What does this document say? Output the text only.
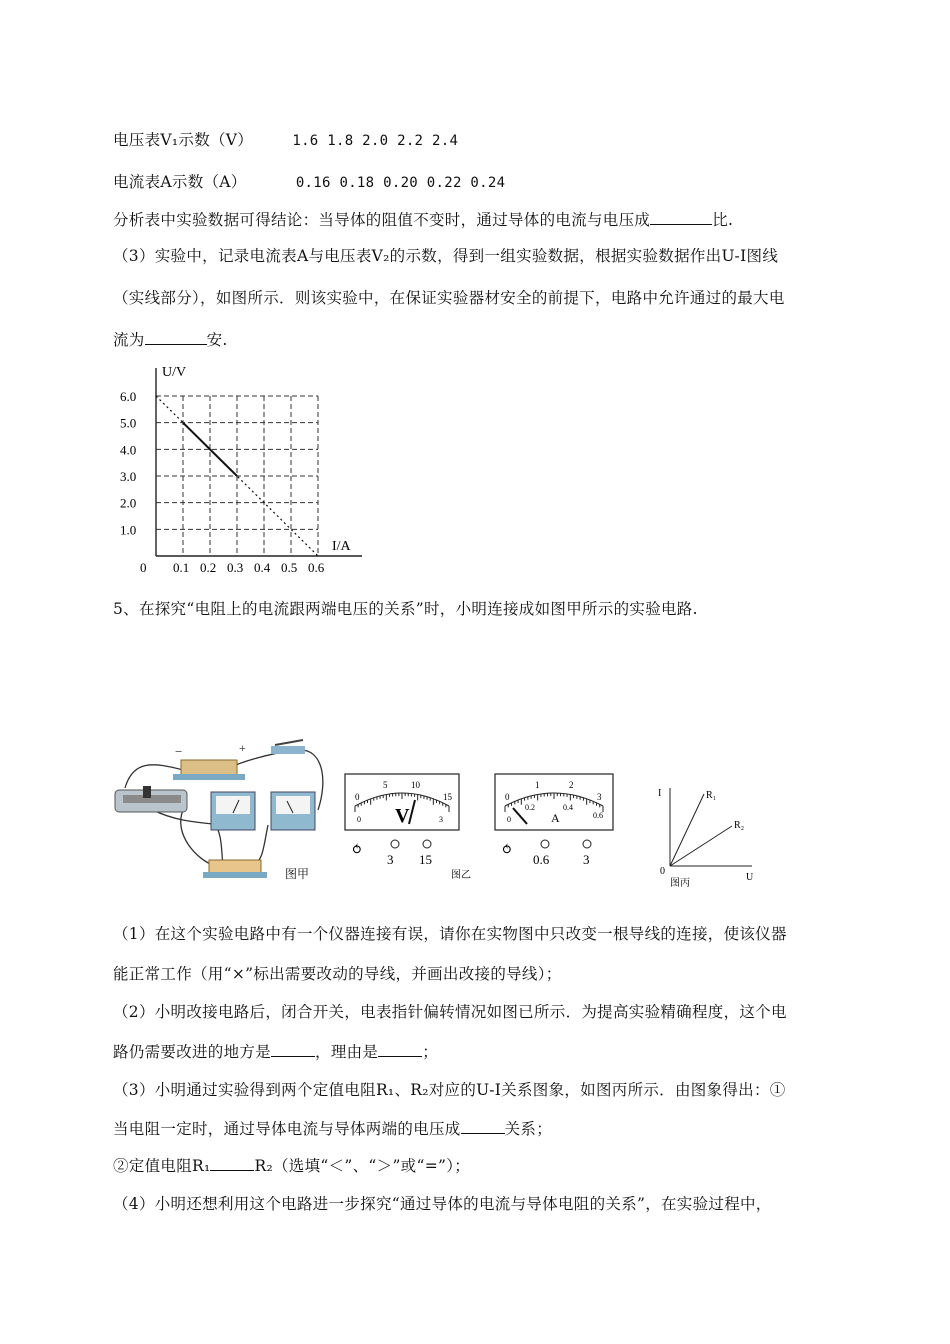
电压表V₁示数（V）	1.6 1.8 2.0 2.2 2.4
电流表A示数（A）	0.16 0.18 0.20 0.22 0.24
分析表中实验数据可得结论：当导体的阻值不变时，通过导体的电流与电压成	比.
（3）实验中，记录电流表A与电压表V₂的示数，得到一组实验数据，根据实验数据作出U-I图线
（实线部分），如图所示．则该实验中，在保证实验器材安全的前提下，电路中允许通过的最大电
流为	安.
U/V
I/A
0
6.0
5.0
4.0
3.0
2.0
1.0
0.1 0.2 0.3 0.4 0.5 0.6
5、在探究“电阻上的电流跟两端电压的关系”时，小明连接成如图甲所示的实验电路.
−	+
图甲
0
5	10
15
0	3
V
⥀
3 15
图乙
0
1	2
3
0.2	0.4
0.6
0	A
⥀
0.6	3
I
U
0
R₁
R₂
图丙
（1）在这个实验电路中有一个仪器连接有误，请你在实物图中只改变一根导线的连接，使该仪器
能正常工作（用“×”标出需要改动的导线，并画出改接的导线）；
（2）小明改接电路后，闭合开关，电表指针偏转情况如图已所示．为提高实验精确程度，这个电
路仍需要改进的地方是	，理由是	；
（3）小明通过实验得到两个定值电阻R₁、R₂对应的U-I关系图象，如图丙所示．由图象得出：①
当电阻一定时，通过导体电流与导体两端的电压成	关系；
②定值电阻R₁	R₂（选填“＜”、“＞”或“=”）；
（4）小明还想利用这个电路进一步探究“通过导体的电流与导体电阻的关系”，在实验过程中，
